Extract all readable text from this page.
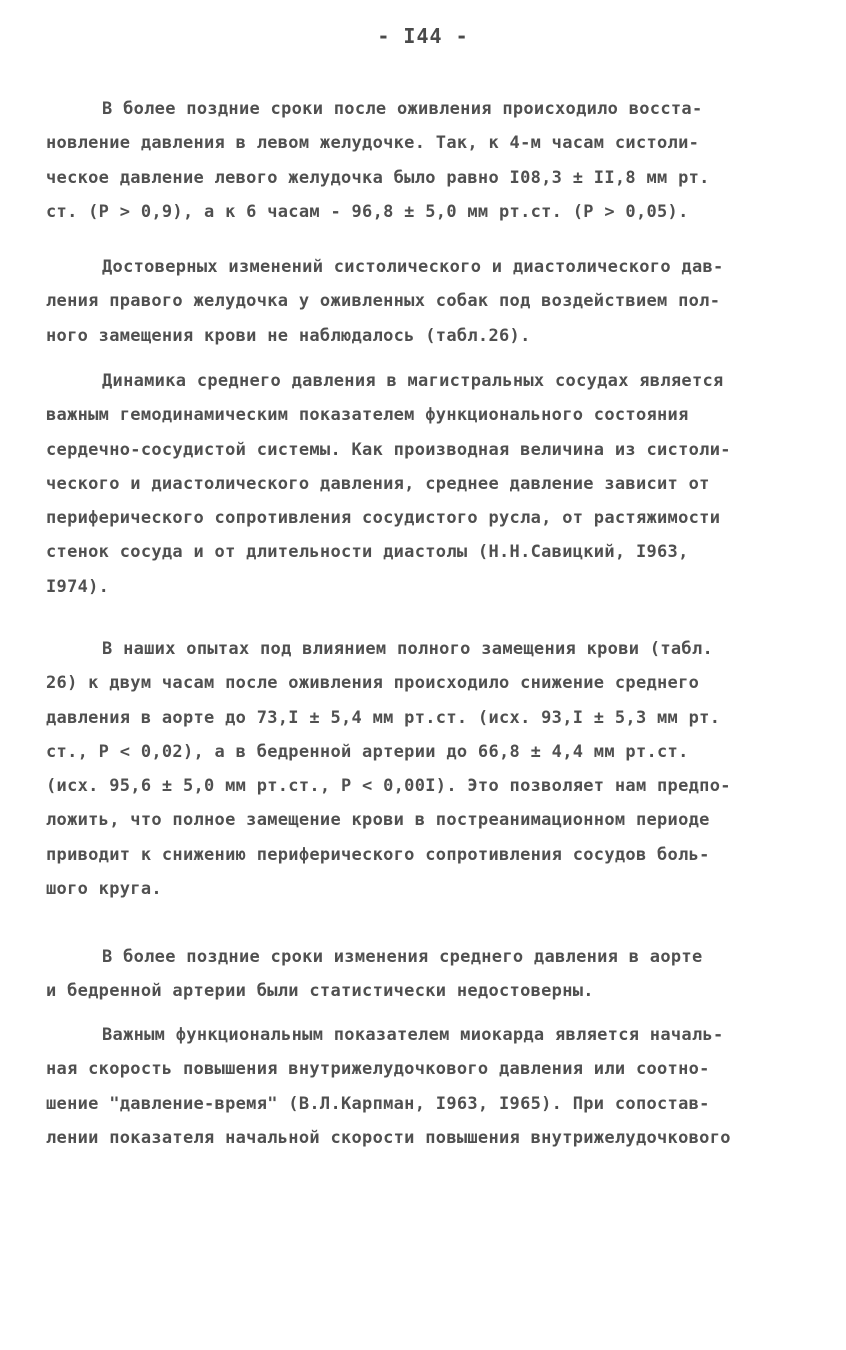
- I44 -
В более поздние сроки после оживления происходило восста-
новление давления в левом желудочке. Так, к 4-м часам систоли-
ческое давление левого желудочка было равно I08,3 ± II,8 мм рт.
ст. (Р > 0,9), а к 6 часам - 96,8 ± 5,0 мм рт.ст. (Р > 0,05).
Достоверных изменений систолического и диастолического дав-
ления правого желудочка у оживленных собак под воздействием пол-
ного замещения крови не наблюдалось (табл.26).
Динамика среднего давления в магистральных сосудах является
важным гемодинамическим показателем функционального состояния
сердечно-сосудистой системы. Как производная величина из систоли-
ческого и диастолического давления, среднее давление зависит от
периферического сопротивления сосудистого русла, от растяжимости
стенок сосуда и от длительности диастолы (Н.Н.Савицкий, I963,
I974).
В наших опытах под влиянием полного замещения крови (табл.
26) к двум часам после оживления происходило снижение среднего
давления в аорте до 73,I ± 5,4 мм рт.ст. (исх. 93,I ± 5,3 мм рт.
ст., Р < 0,02), а в бедренной артерии до 66,8 ± 4,4 мм рт.ст.
(исх. 95,6 ± 5,0 мм рт.ст., Р < 0,00I). Это позволяет нам предпо-
ложить, что полное замещение крови в постреанимационном периоде
приводит к снижению периферического сопротивления сосудов боль-
шого круга.
В более поздние сроки изменения среднего давления в аорте
и бедренной артерии были статистически недостоверны.
Важным функциональным показателем миокарда является началь-
ная скорость повышения внутрижелудочкового давления или соотно-
шение "давление-время" (В.Л.Карпман, I963, I965). При сопостав-
лении показателя начальной скорости повышения внутрижелудочкового
